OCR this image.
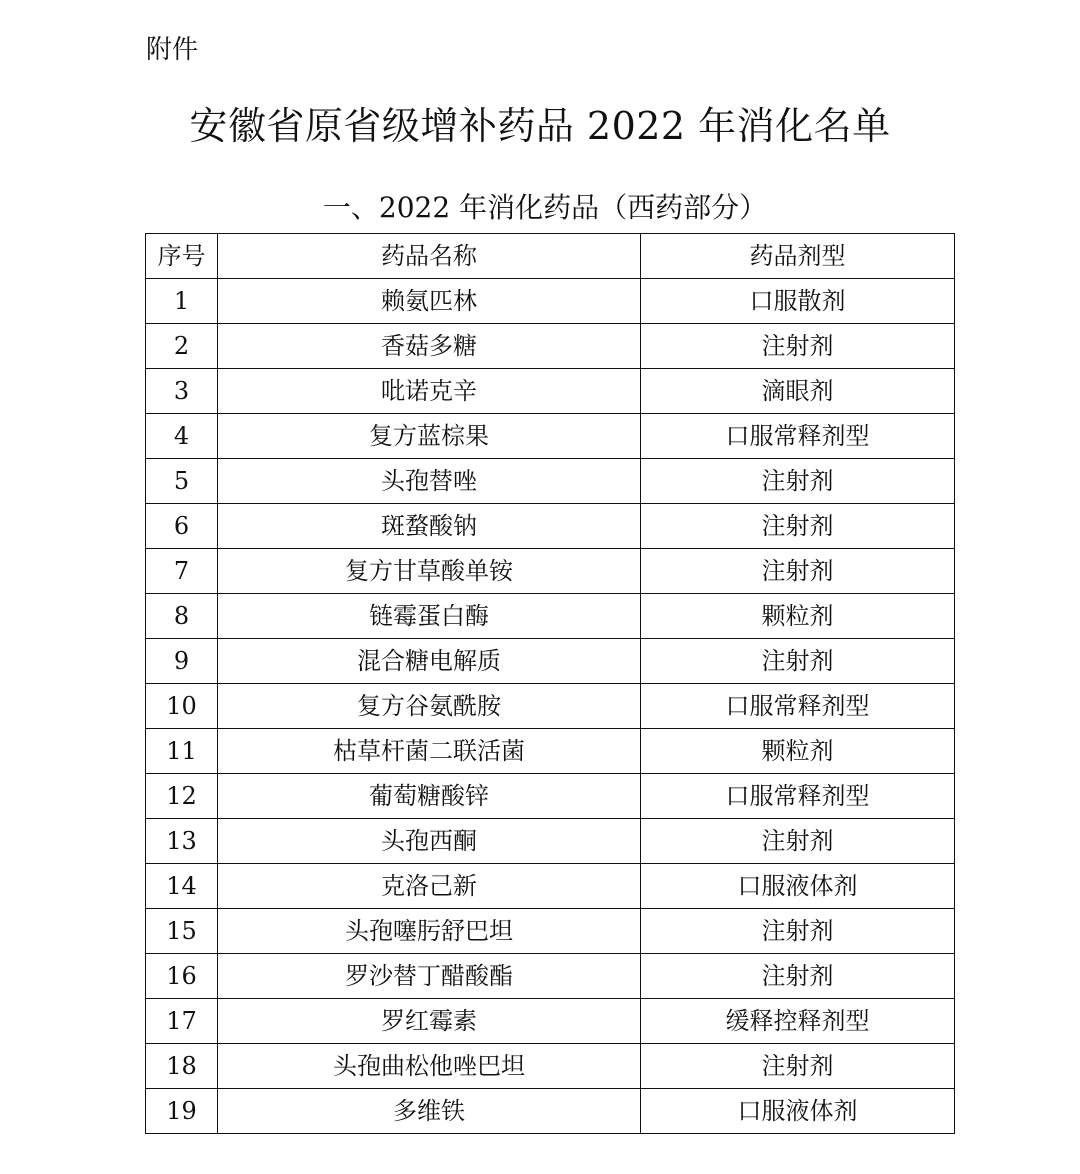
附件
安徽省原省级增补药品 2022 年消化名单
一、2022 年消化药品（西药部分）
序号	药品名称	药品剂型
1	赖氨匹林	口服散剂
2	香菇多糖	注射剂
3	吡诺克辛	滴眼剂
4	复方蓝棕果	口服常释剂型
5	头孢替唑	注射剂
6	斑蝥酸钠	注射剂
7	复方甘草酸单铵	注射剂
8	链霉蛋白酶	颗粒剂
9	混合糖电解质	注射剂
10	复方谷氨酰胺	口服常释剂型
11	枯草杆菌二联活菌	颗粒剂
12	葡萄糖酸锌	口服常释剂型
13	头孢西酮	注射剂
14	克洛己新	口服液体剂
15	头孢噻肟舒巴坦	注射剂
16	罗沙替丁醋酸酯	注射剂
17	罗红霉素	缓释控释剂型
18	头孢曲松他唑巴坦	注射剂
19	多维铁	口服液体剂
